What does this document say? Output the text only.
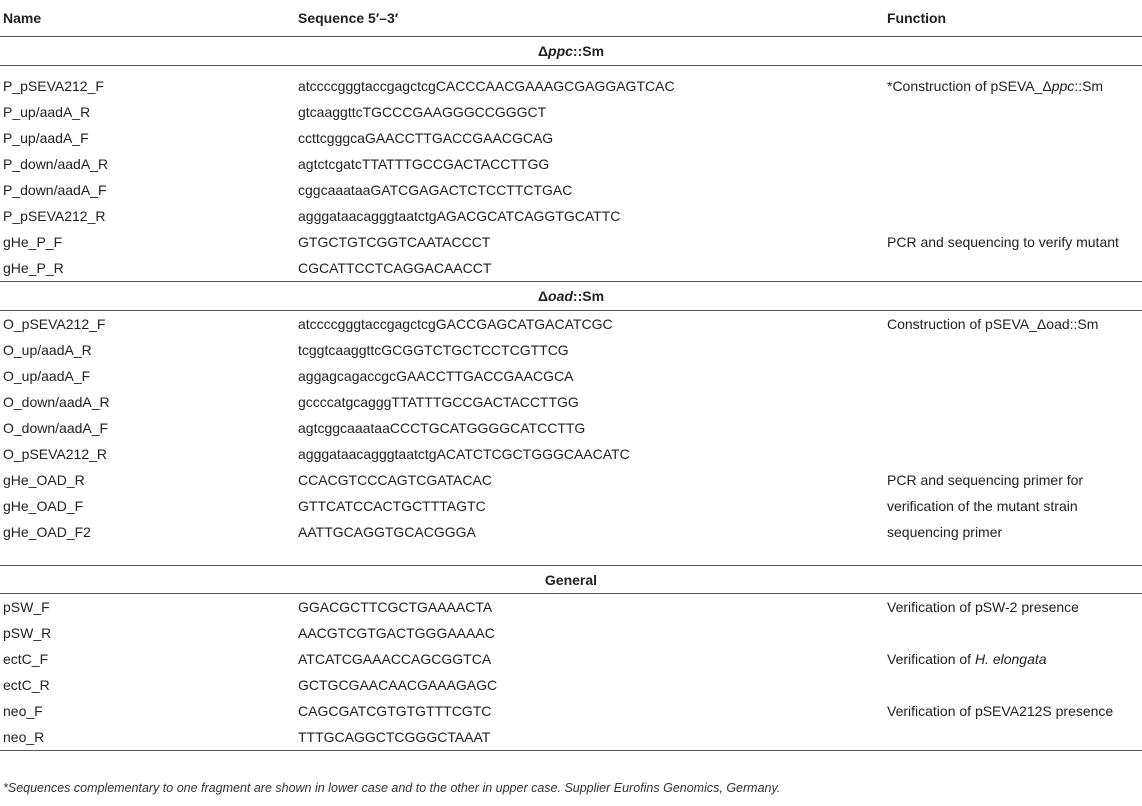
Name	Sequence 5′–3′	Function
Δppc::Sm		

P_pSEVA212_F	atccccgggtaccgagctcgCACCCAACGAAAGCGAGGAGTCAC	*Construction of pSEVA_Δppc::Sm
P_up/aadA_R	gtcaaggttcTGCCCGAAGGGCCGGGCT	
P_up/aadA_F	ccttcgggcaGAACCTTGACCGAACGCAG	
P_down/aadA_R	agtctcgatcTTATTTGCCGACTACCTTGG	
P_down/aadA_F	cggcaaataaGATCGAGACTCTCCTTCTGAC	
P_pSEVA212_R	agggataacagggtaatctgAGACGCATCAGGTGCATTC	
gHe_P_F	GTGCTGTCGGTCAATACCCT	PCR and sequencing to verify mutant
gHe_P_R	CGCATTCCTCAGGACAACCT	
Δoad::Sm		
O_pSEVA212_F	atccccgggtaccgagctcgGACCGAGCATGACATCGC	Construction of pSEVA_Δoad::Sm
O_up/aadA_R	tcggtcaaggttcGCGGTCTGCTCCTCGTTCG	
O_up/aadA_F	aggagcagaccgcGAACCTTGACCGAACGCA	
O_down/aadA_R	gccccatgcagggTTATTTGCCGACTACCTTGG	
O_down/aadA_F	agtcggcaaataaCCCTGCATGGGGCATCCTTG	
O_pSEVA212_R	agggataacagggtaatctgACATCTCGCTGGGCAACATC	
gHe_OAD_R	CCACGTCCCAGTCGATACAC	PCR and sequencing primer for
gHe_OAD_F	GTTCATCCACTGCTTTAGTC	verification of the mutant strain
gHe_OAD_F2	AATTGCAGGTGCACGGGA	sequencing primer

General		
pSW_F	GGACGCTTCGCTGAAAACTA	Verification of pSW-2 presence
pSW_R	AACGTCGTGACTGGGAAAAC	
ectC_F	ATCATCGAAACCAGCGGTCA	Verification of H. elongata
ectC_R	GCTGCGAACAACGAAAGAGC	
neo_F	CAGCGATCGTGTGTTTCGTC	Verification of pSEVA212S presence
neo_R	TTTGCAGGCTCGGGCTAAAT	
*Sequences complementary to one fragment are shown in lower case and to the other in upper case. Supplier Eurofins Genomics, Germany.
